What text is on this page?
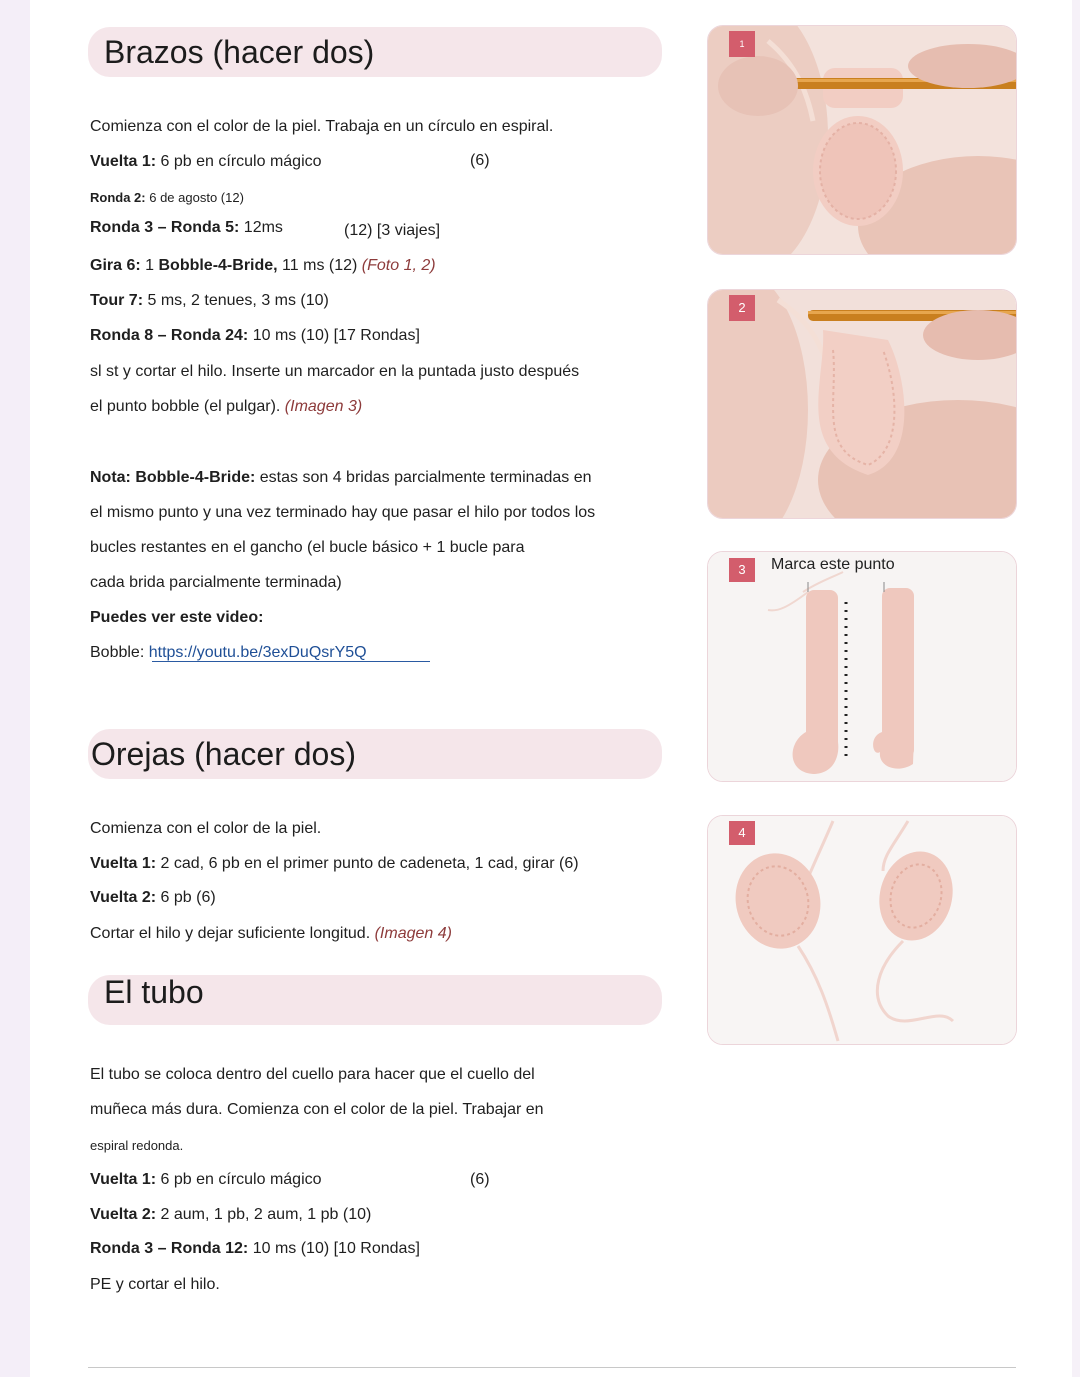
Brazos (hacer dos)
Comienza con el color de la piel. Trabaja en un círculo en espiral.
Vuelta 1: 6 pb en círculo mágico	(6)
Ronda 2: 6 de agosto (12)
Ronda 3 – Ronda 5: 12ms	(12) [3 viajes]
Gira 6: 1 Bobble-4-Bride, 11 ms (12) (Foto 1, 2)
Tour 7: 5 ms, 2 tenues, 3 ms (10)
Ronda 8 – Ronda 24: 10 ms (10) [17 Rondas]
sl st y cortar el hilo. Inserte un marcador en la puntada justo después
el punto bobble (el pulgar). (Imagen 3)
Nota: Bobble-4-Bride: estas son 4 bridas parcialmente terminadas en
el mismo punto y una vez terminado hay que pasar el hilo por todos los
bucles restantes en el gancho (el bucle básico + 1 bucle para
cada brida parcialmente terminada)
Puedes ver este video:
Bobble: https://youtu.be/3exDuQsrY5Q
Orejas (hacer dos)
Comienza con el color de la piel.
Vuelta 1: 2 cad, 6 pb en el primer punto de cadeneta, 1 cad, girar (6)
Vuelta 2: 6 pb (6)
Cortar el hilo y dejar suficiente longitud. (Imagen 4)
El tubo
El tubo se coloca dentro del cuello para hacer que el cuello del
muñeca más dura. Comienza con el color de la piel. Trabajar en
espiral redonda.
Vuelta 1: 6 pb en círculo mágico	(6)
Vuelta 2: 2 aum, 1 pb, 2 aum, 1 pb (10)
Ronda 3 – Ronda 12: 10 ms (10) [10 Rondas]
PE y cortar el hilo.
1
2
3	Marca este punto
4
